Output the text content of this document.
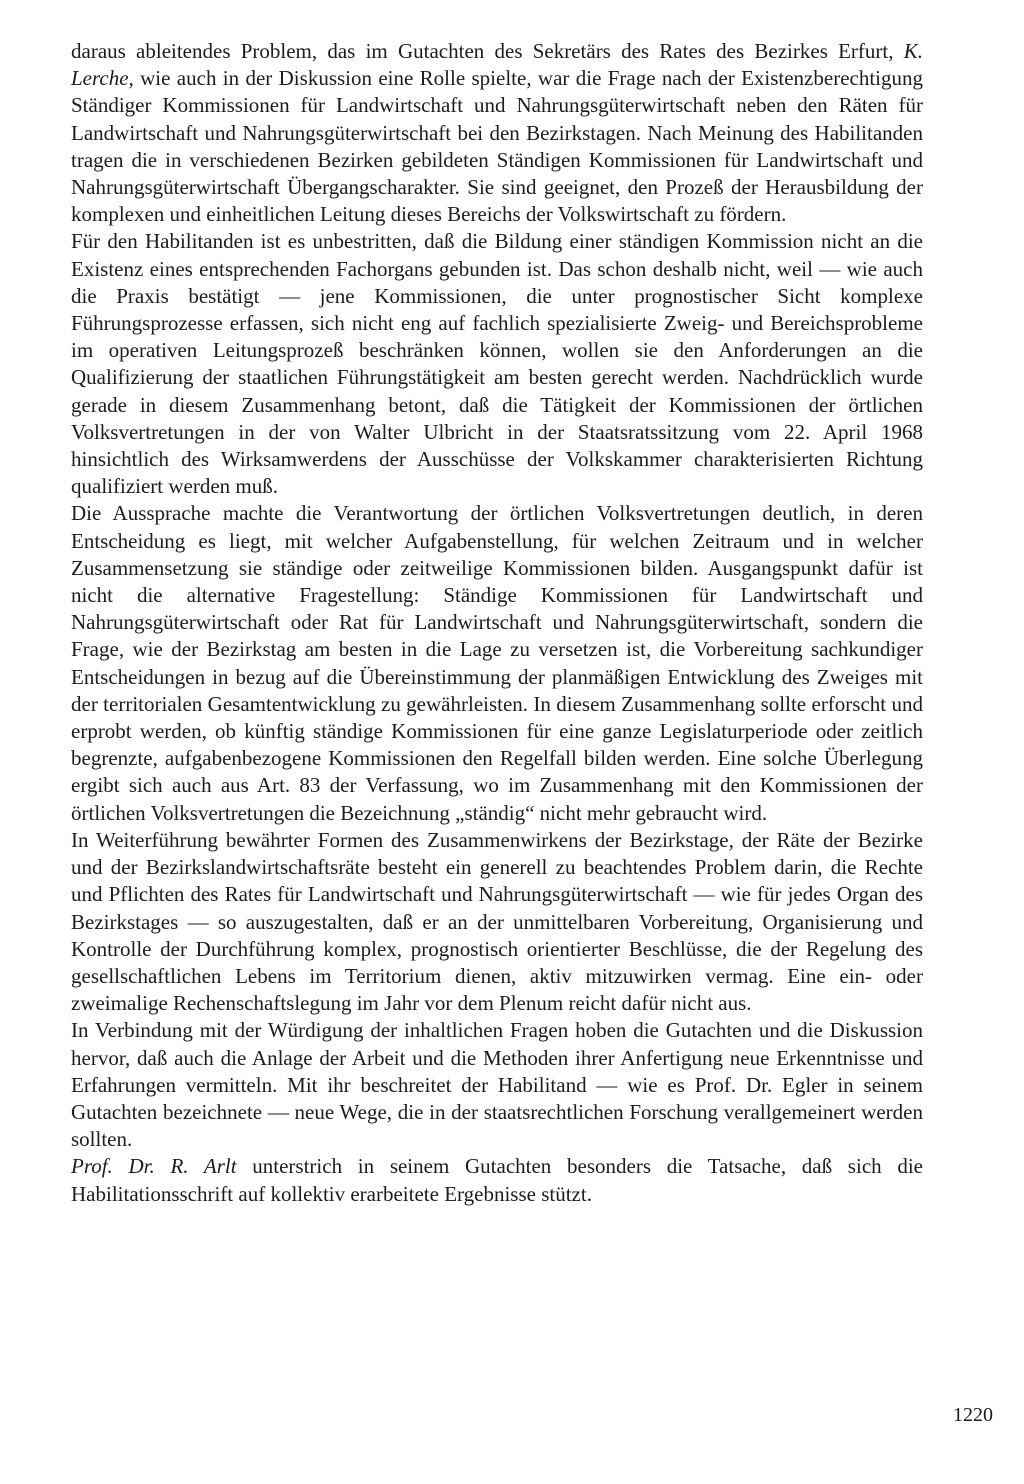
daraus ableitendes Problem, das im Gutachten des Sekretärs des Rates des Bezirkes Erfurt, K. Lerche, wie auch in der Diskussion eine Rolle spielte, war die Frage nach der Existenzberechtigung Ständiger Kommissionen für Landwirtschaft und Nahrungsgüterwirtschaft neben den Räten für Landwirtschaft und Nahrungsgüterwirtschaft bei den Bezirkstagen. Nach Meinung des Habilitanden tragen die in verschiedenen Bezirken gebildeten Ständigen Kommissionen für Landwirtschaft und Nahrungsgüterwirtschaft Übergangscharakter. Sie sind geeignet, den Prozeß der Herausbildung der komplexen und einheitlichen Leitung dieses Bereichs der Volkswirtschaft zu fördern.

Für den Habilitanden ist es unbestritten, daß die Bildung einer ständigen Kommission nicht an die Existenz eines entsprechenden Fachorgans gebunden ist. Das schon deshalb nicht, weil — wie auch die Praxis bestätigt — jene Kommissionen, die unter prognostischer Sicht komplexe Führungsprozesse erfassen, sich nicht eng auf fachlich spezialisierte Zweig- und Bereichsprobleme im operativen Leitungsprozeß beschränken können, wollen sie den Anforderungen an die Qualifizierung der staatlichen Führungstätigkeit am besten gerecht werden. Nachdrücklich wurde gerade in diesem Zusammenhang betont, daß die Tätigkeit der Kommissionen der örtlichen Volksvertretungen in der von Walter Ulbricht in der Staatsratssitzung vom 22. April 1968 hinsichtlich des Wirksamwerdens der Ausschüsse der Volkskammer charakterisierten Richtung qualifiziert werden muß.

Die Aussprache machte die Verantwortung der örtlichen Volksvertretungen deutlich, in deren Entscheidung es liegt, mit welcher Aufgabenstellung, für welchen Zeitraum und in welcher Zusammensetzung sie ständige oder zeitweilige Kommissionen bilden. Ausgangspunkt dafür ist nicht die alternative Fragestellung: Ständige Kommissionen für Landwirtschaft und Nahrungsgüterwirtschaft oder Rat für Landwirtschaft und Nahrungsgüterwirtschaft, sondern die Frage, wie der Bezirkstag am besten in die Lage zu versetzen ist, die Vorbereitung sachkundiger Entscheidungen in bezug auf die Übereinstimmung der planmäßigen Entwicklung des Zweiges mit der territorialen Gesamtentwicklung zu gewährleisten. In diesem Zusammenhang sollte erforscht und erprobt werden, ob künftig ständige Kommissionen für eine ganze Legislaturperiode oder zeitlich begrenzte, aufgabenbezogene Kommissionen den Regelfall bilden werden. Eine solche Überlegung ergibt sich auch aus Art. 83 der Verfassung, wo im Zusammenhang mit den Kommissionen der örtlichen Volksvertretungen die Bezeichnung „ständig“ nicht mehr gebraucht wird.

In Weiterführung bewährter Formen des Zusammenwirkens der Bezirkstage, der Räte der Bezirke und der Bezirkslandwirtschaftsräte besteht ein generell zu beachtendes Problem darin, die Rechte und Pflichten des Rates für Landwirtschaft und Nahrungsgüterwirtschaft — wie für jedes Organ des Bezirkstages — so auszugestalten, daß er an der unmittelbaren Vorbereitung, Organisierung und Kontrolle der Durchführung komplex, prognostisch orientierter Beschlüsse, die der Regelung des gesellschaftlichen Lebens im Territorium dienen, aktiv mitzuwirken vermag. Eine ein- oder zweimalige Rechenschaftslegung im Jahr vor dem Plenum reicht dafür nicht aus.

In Verbindung mit der Würdigung der inhaltlichen Fragen hoben die Gutachten und die Diskussion hervor, daß auch die Anlage der Arbeit und die Methoden ihrer Anfertigung neue Erkenntnisse und Erfahrungen vermitteln. Mit ihr beschreitet der Habilitand — wie es Prof. Dr. Egler in seinem Gutachten bezeichnete — neue Wege, die in der staatsrechtlichen Forschung verallgemeinert werden sollten.

Prof. Dr. R. Arlt unterstrich in seinem Gutachten besonders die Tatsache, daß sich die Habilitationsschrift auf kollektiv erarbeitete Ergebnisse stützt.

1220
